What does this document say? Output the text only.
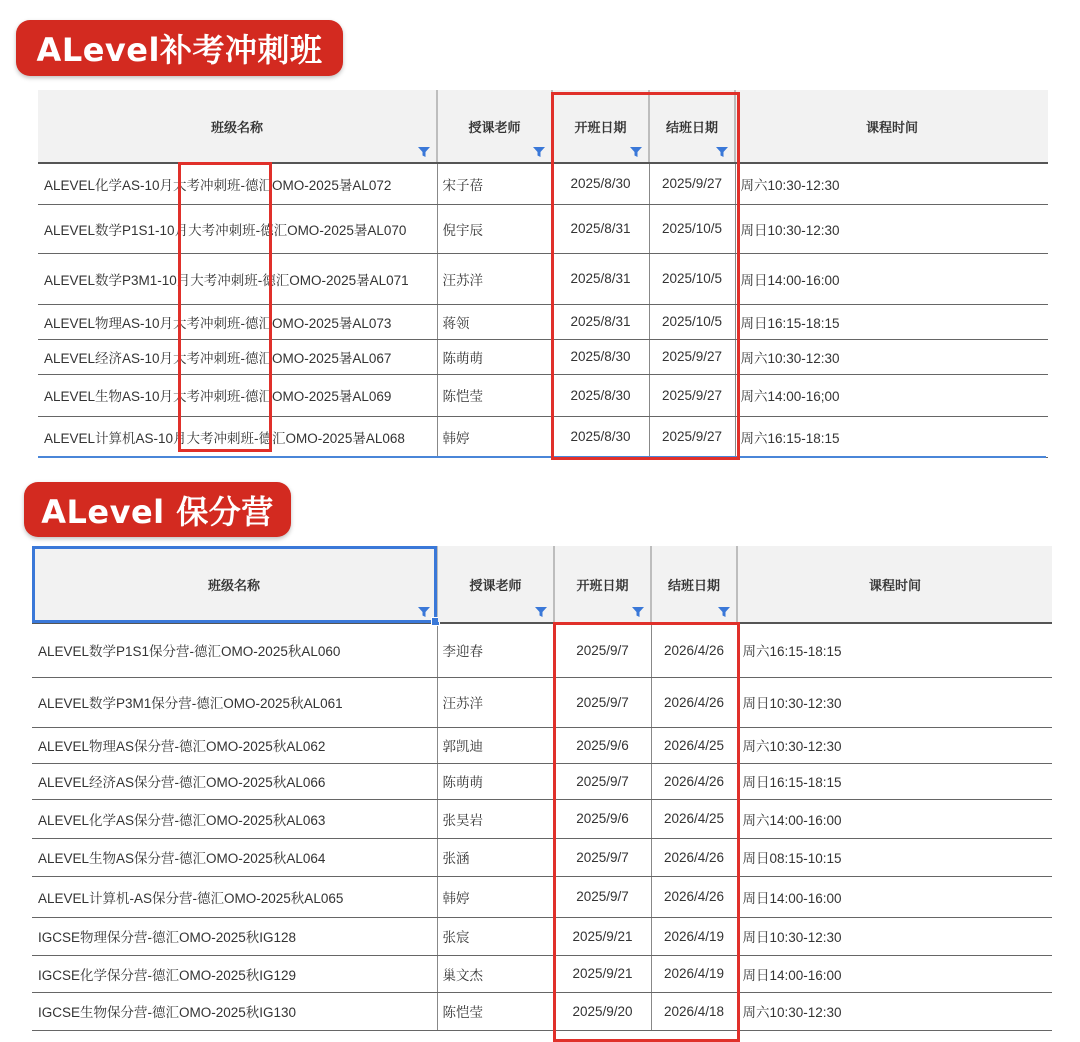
ALevel补考冲刺班
班级名称	授课老师	开班日期	结班日期	课程时间
ALEVEL化学AS-10月大考冲刺班-德汇OMO-2025暑AL072	宋子蓓	2025/8/30	2025/9/27	周六10:30-12:30
ALEVEL数学P1S1-10月大考冲刺班-德汇OMO-2025暑AL070	倪宇辰	2025/8/31	2025/10/5	周日10:30-12:30
ALEVEL数学P3M1-10月大考冲刺班-德汇OMO-2025暑AL071	汪苏洋	2025/8/31	2025/10/5	周日14:00-16:00
ALEVEL物理AS-10月大考冲刺班-德汇OMO-2025暑AL073	蒋领	2025/8/31	2025/10/5	周日16:15-18:15
ALEVEL经济AS-10月大考冲刺班-德汇OMO-2025暑AL067	陈萌萌	2025/8/30	2025/9/27	周六10:30-12:30
ALEVEL生物AS-10月大考冲刺班-德汇OMO-2025暑AL069	陈恺莹	2025/8/30	2025/9/27	周六14:00-16;00
ALEVEL计算机AS-10月大考冲刺班-德汇OMO-2025暑AL068	韩婷	2025/8/30	2025/9/27	周六16:15-18:15
ALevel 保分营
班级名称	授课老师	开班日期	结班日期	课程时间
ALEVEL数学P1S1保分营-德汇OMO-2025秋AL060	李迎春	2025/9/7	2026/4/26	周六16:15-18:15
ALEVEL数学P3M1保分营-德汇OMO-2025秋AL061	汪苏洋	2025/9/7	2026/4/26	周日10:30-12:30
ALEVEL物理AS保分营-德汇OMO-2025秋AL062	郭凯迪	2025/9/6	2026/4/25	周六10:30-12:30
ALEVEL经济AS保分营-德汇OMO-2025秋AL066	陈萌萌	2025/9/7	2026/4/26	周日16:15-18:15
ALEVEL化学AS保分营-德汇OMO-2025秋AL063	张昊岩	2025/9/6	2026/4/25	周六14:00-16:00
ALEVEL生物AS保分营-德汇OMO-2025秋AL064	张涵	2025/9/7	2026/4/26	周日08:15-10:15
ALEVEL计算机-AS保分营-德汇OMO-2025秋AL065	韩婷	2025/9/7	2026/4/26	周日14:00-16:00
IGCSE物理保分营-德汇OMO-2025秋IG128	张宸	2025/9/21	2026/4/19	周日10:30-12:30
IGCSE化学保分营-德汇OMO-2025秋IG129	巢文杰	2025/9/21	2026/4/19	周日14:00-16:00
IGCSE生物保分营-德汇OMO-2025秋IG130	陈恺莹	2025/9/20	2026/4/18	周六10:30-12:30
